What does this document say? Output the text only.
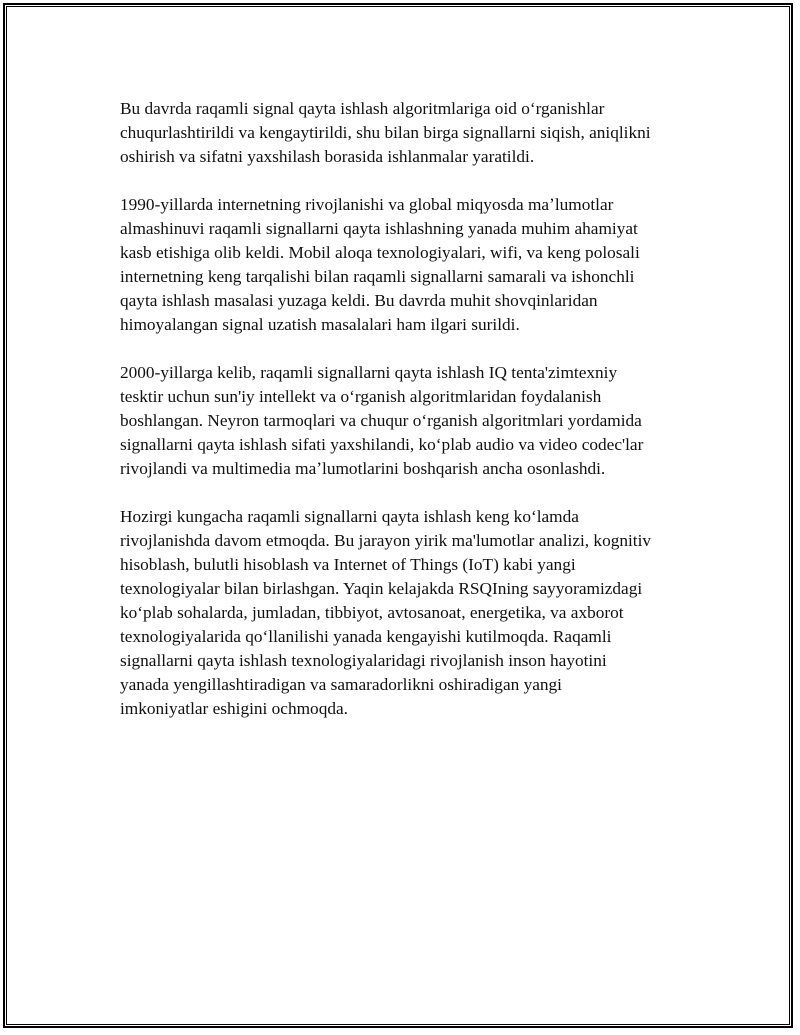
Bu davrda raqamli signal qayta ishlash algoritmlariga oid oʻrganishlar
chuqurlashtirildi va kengaytirildi, shu bilan birga signallarni siqish, aniqlikni
oshirish va sifatni yaxshilash borasida ishlanmalar yaratildi.

1990-yillarda internetning rivojlanishi va global miqyosda maʼlumotlar
almashinuvi raqamli signallarni qayta ishlashning yanada muhim ahamiyat
kasb etishiga olib keldi. Mobil aloqa texnologiyalari, wifi, va keng polosali
internetning keng tarqalishi bilan raqamli signallarni samarali va ishonchli
qayta ishlash masalasi yuzaga keldi. Bu davrda muhit shovqinlaridan
himoyalangan signal uzatish masalalari ham ilgari surildi.

2000-yillarga kelib, raqamli signallarni qayta ishlash IQ tenta'zimtexniy
tesktir uchun sun'iy intellekt va oʻrganish algoritmlaridan foydalanish
boshlangan. Neyron tarmoqlari va chuqur oʻrganish algoritmlari yordamida
signallarni qayta ishlash sifati yaxshilandi, koʻplab audio va video codec'lar
rivojlandi va multimedia maʼlumotlarini boshqarish ancha osonlashdi.

Hozirgi kungacha raqamli signallarni qayta ishlash keng koʻlamda
rivojlanishda davom etmoqda. Bu jarayon yirik ma'lumotlar analizi, kognitiv
hisoblash, bulutli hisoblash va Internet of Things (IoT) kabi yangi
texnologiyalar bilan birlashgan. Yaqin kelajakda RSQIning sayyoramizdagi
koʻplab sohalarda, jumladan, tibbiyot, avtosanoat, energetika, va axborot
texnologiyalarida qoʻllanilishi yanada kengayishi kutilmoqda. Raqamli
signallarni qayta ishlash texnologiyalaridagi rivojlanish inson hayotini
yanada yengillashtiradigan va samaradorlikni oshiradigan yangi
imkoniyatlar eshigini ochmoqda.
